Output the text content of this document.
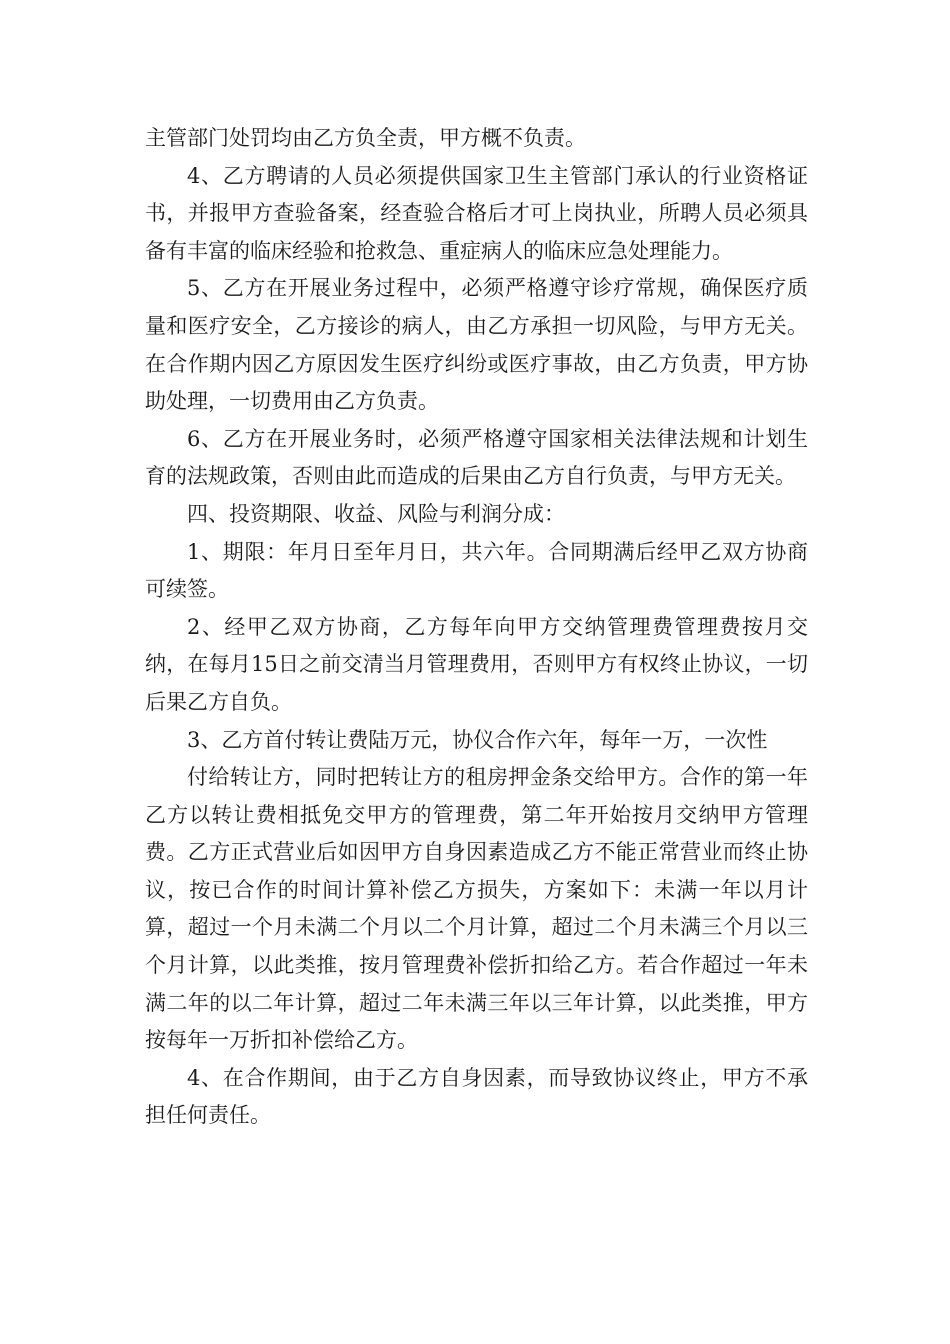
主管部门处罚均由乙方负全责，甲方概不负责。

4、乙方聘请的人员必须提供国家卫生主管部门承认的行业资格证书，并报甲方查验备案，经查验合格后才可上岗执业，所聘人员必须具备有丰富的临床经验和抢救急、重症病人的临床应急处理能力。

5、乙方在开展业务过程中，必须严格遵守诊疗常规，确保医疗质量和医疗安全，乙方接诊的病人，由乙方承担一切风险，与甲方无关。在合作期内因乙方原因发生医疗纠纷或医疗事故，由乙方负责，甲方协助处理，一切费用由乙方负责。

6、乙方在开展业务时，必须严格遵守国家相关法律法规和计划生育的法规政策，否则由此而造成的后果由乙方自行负责，与甲方无关。

四、投资期限、收益、风险与利润分成：

1、期限：年月日至年月日，共六年。合同期满后经甲乙双方协商可续签。

2、经甲乙双方协商，乙方每年向甲方交纳管理费管理费按月交纳，在每月15日之前交清当月管理费用，否则甲方有权终止协议，一切后果乙方自负。

3、乙方首付转让费陆万元，协仪合作六年，每年一万，一次性

付给转让方，同时把转让方的租房押金条交给甲方。合作的第一年乙方以转让费相抵免交甲方的管理费，第二年开始按月交纳甲方管理费。乙方正式营业后如因甲方自身因素造成乙方不能正常营业而终止协议，按已合作的时间计算补偿乙方损失，方案如下：未满一年以月计算，超过一个月未满二个月以二个月计算，超过二个月未满三个月以三个月计算，以此类推，按月管理费补偿折扣给乙方。若合作超过一年未满二年的以二年计算，超过二年未满三年以三年计算，以此类推，甲方按每年一万折扣补偿给乙方。

4、在合作期间，由于乙方自身因素，而导致协议终止，甲方不承担任何责任。
